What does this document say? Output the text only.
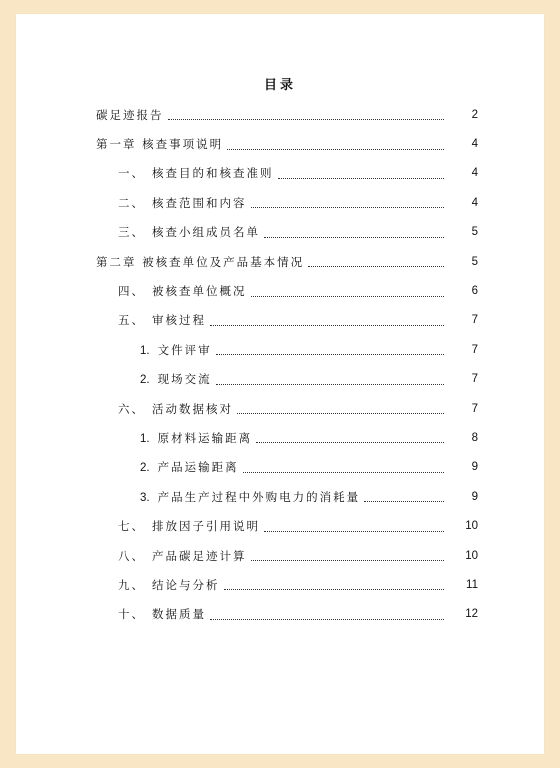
目录
碳足迹报告	2
第一章 核查事项说明	4
一、 核查目的和核查准则	4
二、 核查范围和内容	4
三、 核查小组成员名单	5
第二章 被核查单位及产品基本情况	5
四、 被核查单位概况	6
五、 审核过程	7
1. 文件评审	7
2. 现场交流	7
六、 活动数据核对	7
1. 原材料运输距离	8
2. 产品运输距离	9
3. 产品生产过程中外购电力的消耗量	9
七、 排放因子引用说明	10
八、 产品碳足迹计算	10
九、 结论与分析	11
十、 数据质量	12
